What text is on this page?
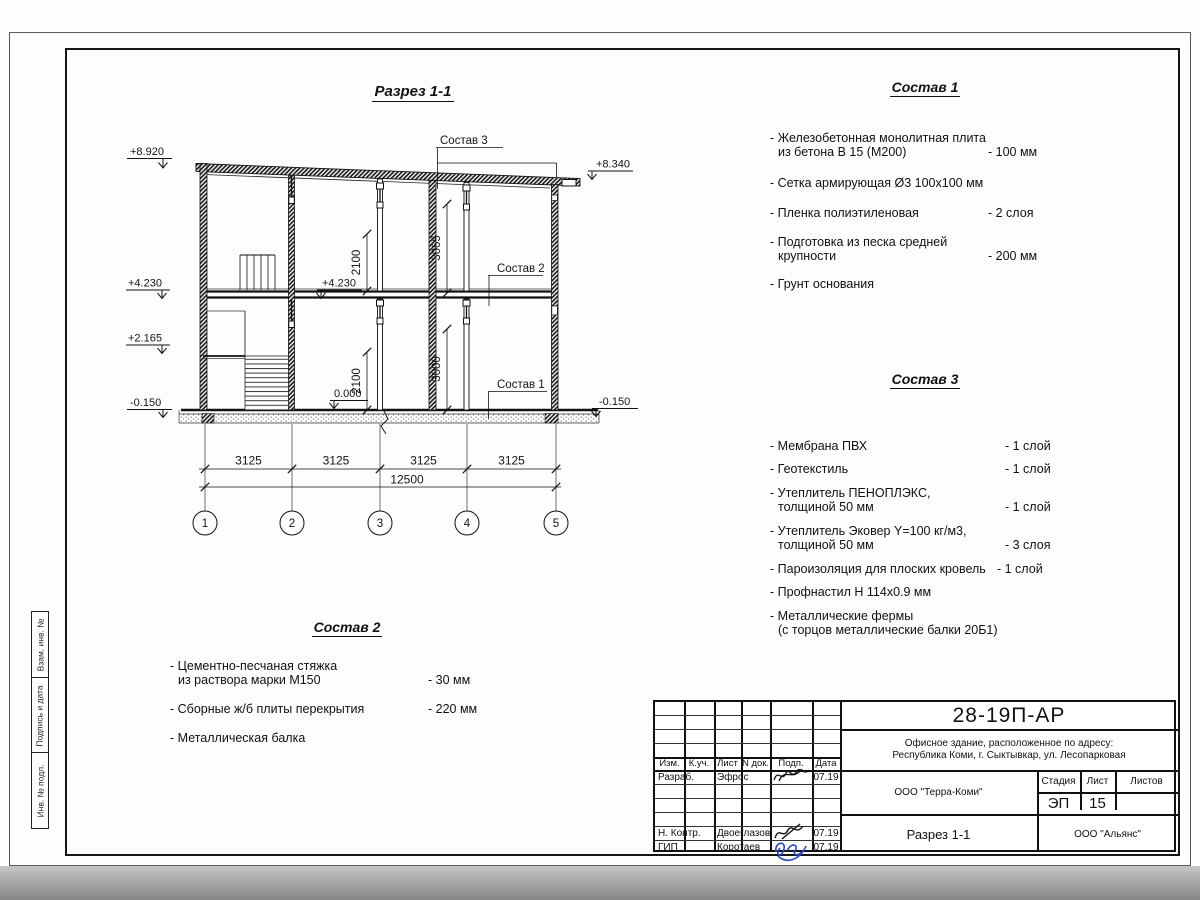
Взам. инв. №
Подпись и дата
Инв. № подл.
Разрез 1-1
2100
3065
2100	3000
+8.920
+4.230
+2.165
-0.150
+8.340
-0.150
+4.230
0.000
Состав 3
Состав 2
Состав 1
3125	3125	3125	3125
12500
1	2	3	4	5
Состав 1
- Железобетонная монолитная плита
из бетона В 15 (М200)	- 100 мм
- Сетка армирующая Ø3 100х100 мм
- Пленка полиэтиленовая	- 2 слоя
- Подготовка из песка средней
крупности	- 200 мм
- Грунт основания
Состав 3
- Мембрана ПВХ	- 1 слой
- Геотекстиль	- 1 слой
- Утеплитель ПЕНОПЛЭКС,
толщиной 50 мм	- 1 слой
- Утеплитель Эковер Y=100 кг/м3,
толщиной 50 мм	- 3 слоя
- Пароизоляция для плоских кровель - 1 слой
- Профнастил Н 114х0.9 мм
- Металлические фермы
(с торцов металлические балки 20Б1)
Состав 2
- Цементно-песчаная стяжка
из раствора марки М150	- 30 мм
- Сборные ж/б плиты перекрытия	- 220 мм
- Металлическая балка
Изм. К.уч. Лист N док. Подп. Дата
Разраб. Эфрос	07.19
Н. Контр. Двоеглазов	07.19
ГИП	Коротаев	07.19
28-19П-АР
Офисное здание, расположенное по адресу:
Республика Коми, г. Сыктывкар, ул. Лесопарковая
ООО "Терра-Коми"
Стадия Лист Листов
ЭП 15
Разрез 1-1	ООО "Альянс"
